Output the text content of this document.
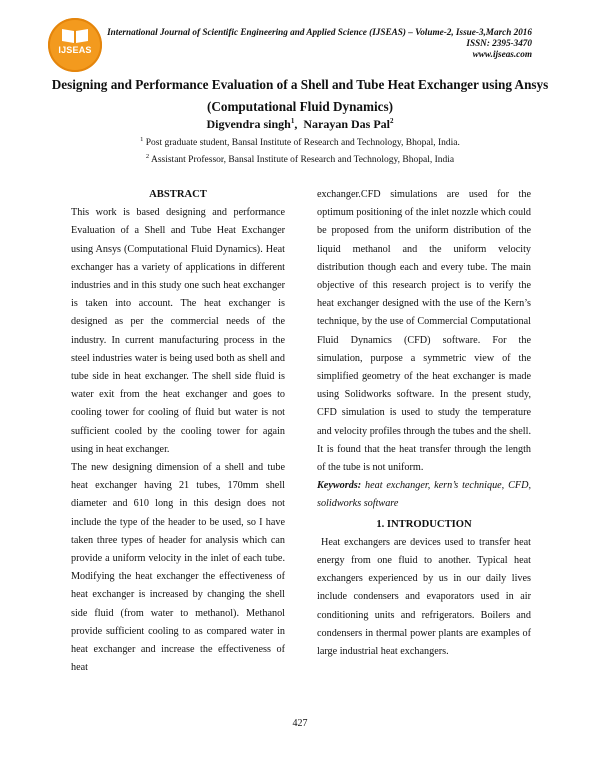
IJSEAS
International Journal of Scientific Engineering and Applied Science (IJSEAS) – Volume-2, Issue-3,March 2016
ISSN: 2395-3470
www.ijseas.com
Designing and Performance Evaluation of a Shell and Tube Heat Exchanger using Ansys
(Computational Fluid Dynamics)
Digvendra singh$^1$,  Narayan Das Pal$^2$
$^1$ Post graduate student, Bansal Institute of Research and Technology, Bhopal, India.
$^2$ Assistant Professor, Bansal Institute of Research and Technology, Bhopal, India

ABSTRACT

This work is based designing and performance Evaluation of a Shell and Tube Heat Exchanger using Ansys (Computational Fluid Dynamics). Heat exchanger has a variety of applications in different industries and in this study one such heat exchanger is taken into account. The heat exchanger is designed as per the commercial needs of the industry. In current manufacturing process in the steel industries water is being used both as shell and tube side in heat exchanger. The shell side fluid is water exit from the heat exchanger and goes to cooling tower for cooling of fluid but water is not sufficient cooled by the cooling tower for again using in heat exchanger.

The new designing dimension of a shell and tube heat exchanger having 21 tubes, 170mm shell diameter and 610 long in this design does not include the type of the header to be used, so I have taken three types of header for analysis which can provide a uniform velocity in the inlet of each tube. Modifying the heat exchanger the effectiveness of heat exchanger is increased by changing the shell side fluid (from water to methanol). Methanol provide sufficient cooling to as compared water in heat exchanger and increase the effectiveness of heat

exchanger.CFD simulations are used for the optimum positioning of the inlet nozzle which could be proposed from the uniform distribution of the liquid methanol and the uniform velocity distribution though each and every tube. The main objective of this research project is to verify the heat exchanger designed with the use of the Kern’s technique, by the use of Commercial Computational Fluid Dynamics (CFD) software. For the simulation, purpose a symmetric view of the simplified geometry of the heat exchanger is made using Solidworks software. In the present study, CFD simulation is used to study the temperature and velocity profiles through the tubes and the shell. It is found that the heat transfer through the length of the tube is not uniform.

Keywords: heat exchanger, kern’s technique, CFD, solidworks software

1. INTRODUCTION

Heat exchangers are devices used to transfer heat energy from one fluid to another. Typical heat exchangers experienced by us in our daily lives include condensers and evaporators used in air conditioning units and refrigerators. Boilers and condensers in thermal power plants are examples of large industrial heat exchangers.

427
